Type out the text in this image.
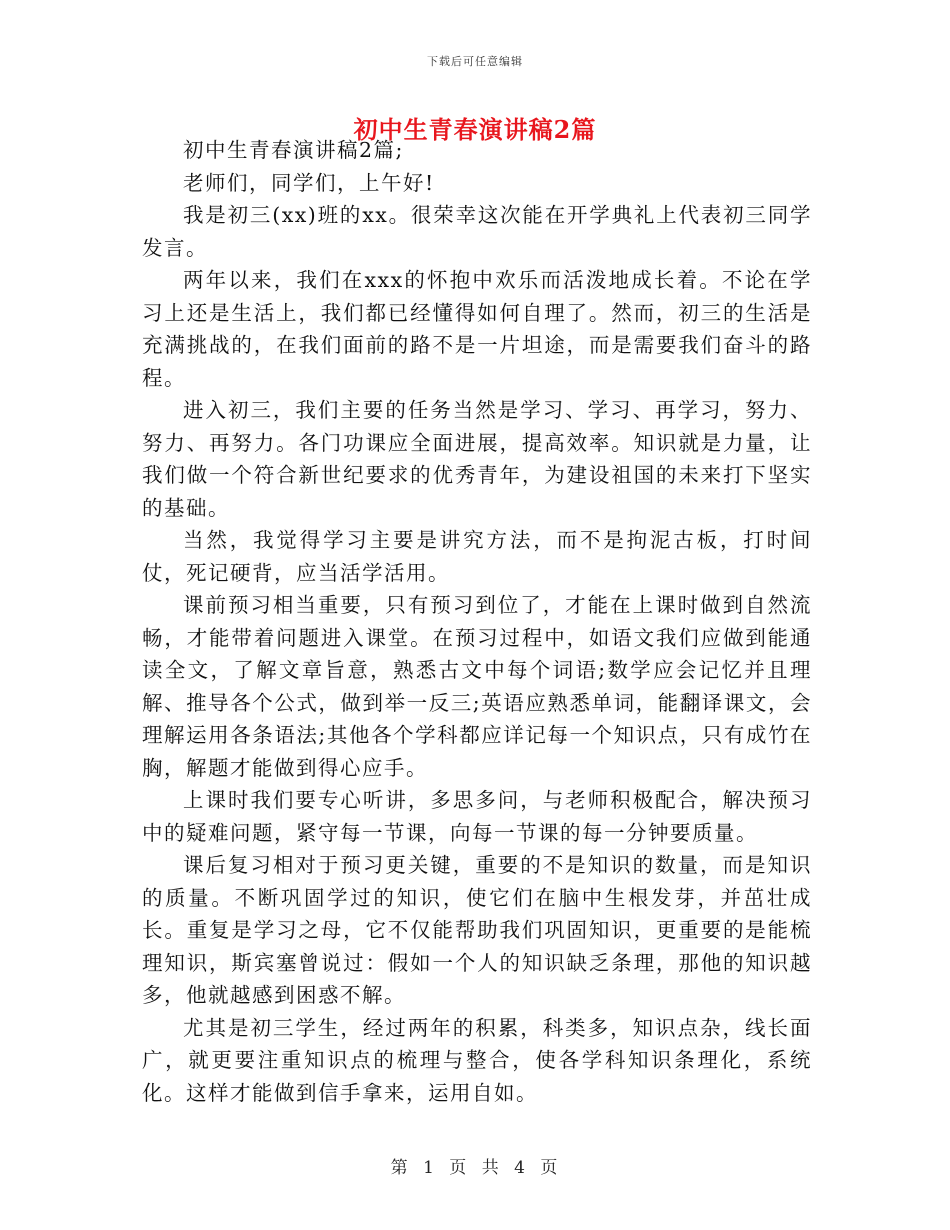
下载后可任意编辑
初中生青春演讲稿2篇

初中生青春演讲稿2篇;

老师们，同学们，上午好!

我是初三(xx)班的xx。很荣幸这次能在开学典礼上代表初三同学发言。

两年以来，我们在xxx的怀抱中欢乐而活泼地成长着。不论在学习上还是生活上，我们都已经懂得如何自理了。然而，初三的生活是充满挑战的，在我们面前的路不是一片坦途，而是需要我们奋斗的路程。

进入初三，我们主要的任务当然是学习、学习、再学习，努力、努力、再努力。各门功课应全面进展，提高效率。知识就是力量，让我们做一个符合新世纪要求的优秀青年，为建设祖国的未来打下坚实的基础。

当然，我觉得学习主要是讲究方法，而不是拘泥古板，打时间仗，死记硬背，应当活学活用。

课前预习相当重要，只有预习到位了，才能在上课时做到自然流畅，才能带着问题进入课堂。在预习过程中，如语文我们应做到能通读全文，了解文章旨意，熟悉古文中每个词语;数学应会记忆并且理解、推导各个公式，做到举一反三;英语应熟悉单词，能翻译课文，会理解运用各条语法;其他各个学科都应详记每一个知识点，只有成竹在胸，解题才能做到得心应手。

上课时我们要专心听讲，多思多问，与老师积极配合，解决预习中的疑难问题，紧守每一节课，向每一节课的每一分钟要质量。

课后复习相对于预习更关键，重要的不是知识的数量，而是知识的质量。不断巩固学过的知识，使它们在脑中生根发芽，并茁壮成长。重复是学习之母，它不仅能帮助我们巩固知识，更重要的是能梳理知识，斯宾塞曾说过：假如一个人的知识缺乏条理，那他的知识越多，他就越感到困惑不解。

尤其是初三学生，经过两年的积累，科类多，知识点杂，线长面广，就更要注重知识点的梳理与整合，使各学科知识条理化，系统化。这样才能做到信手拿来，运用自如。

第 1 页 共 4 页
